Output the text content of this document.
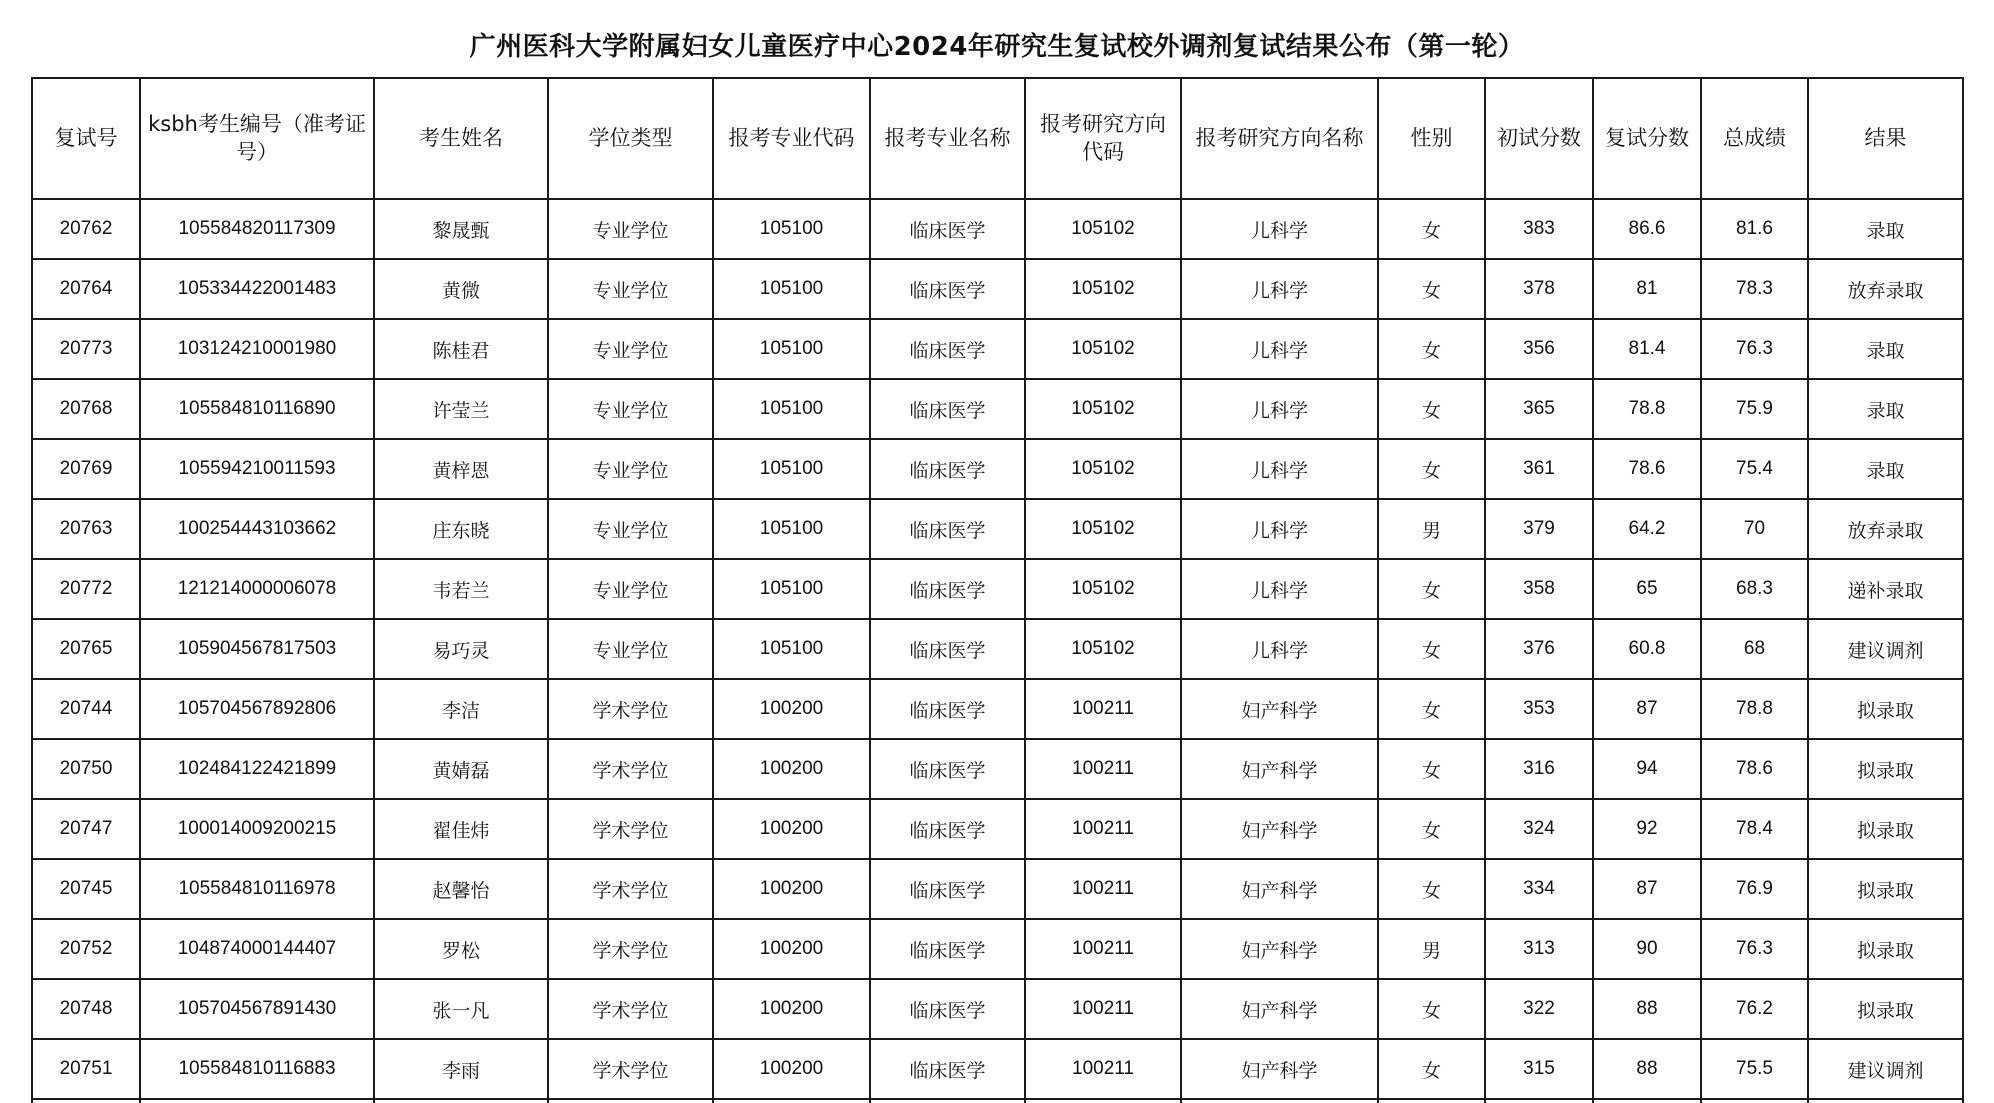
广州医科大学附属妇女儿童医疗中心2024年研究生复试校外调剂复试结果公布（第一轮）
复试号	ksbh考生编号（准考证号）	考生姓名	学位类型	报考专业代码	报考专业名称	报考研究方向代码	报考研究方向名称	性别	初试分数	复试分数	总成绩	结果
20762	105584820117309	黎晟甄	专业学位	105100	临床医学	105102	儿科学	女	383	86.6	81.6	录取
20764	105334422001483	黄微	专业学位	105100	临床医学	105102	儿科学	女	378	81	78.3	放弃录取
20773	103124210001980	陈桂君	专业学位	105100	临床医学	105102	儿科学	女	356	81.4	76.3	录取
20768	105584810116890	许莹兰	专业学位	105100	临床医学	105102	儿科学	女	365	78.8	75.9	录取
20769	105594210011593	黄梓恩	专业学位	105100	临床医学	105102	儿科学	女	361	78.6	75.4	录取
20763	100254443103662	庄东晓	专业学位	105100	临床医学	105102	儿科学	男	379	64.2	70	放弃录取
20772	121214000006078	韦若兰	专业学位	105100	临床医学	105102	儿科学	女	358	65	68.3	递补录取
20765	105904567817503	易巧灵	专业学位	105100	临床医学	105102	儿科学	女	376	60.8	68	建议调剂
20744	105704567892806	李洁	学术学位	100200	临床医学	100211	妇产科学	女	353	87	78.8	拟录取
20750	102484122421899	黄婧磊	学术学位	100200	临床医学	100211	妇产科学	女	316	94	78.6	拟录取
20747	100014009200215	翟佳炜	学术学位	100200	临床医学	100211	妇产科学	女	324	92	78.4	拟录取
20745	105584810116978	赵馨怡	学术学位	100200	临床医学	100211	妇产科学	女	334	87	76.9	拟录取
20752	104874000144407	罗松	学术学位	100200	临床医学	100211	妇产科学	男	313	90	76.3	拟录取
20748	105704567891430	张一凡	学术学位	100200	临床医学	100211	妇产科学	女	322	88	76.2	拟录取
20751	105584810116883	李雨	学术学位	100200	临床医学	100211	妇产科学	女	315	88	75.5	建议调剂
